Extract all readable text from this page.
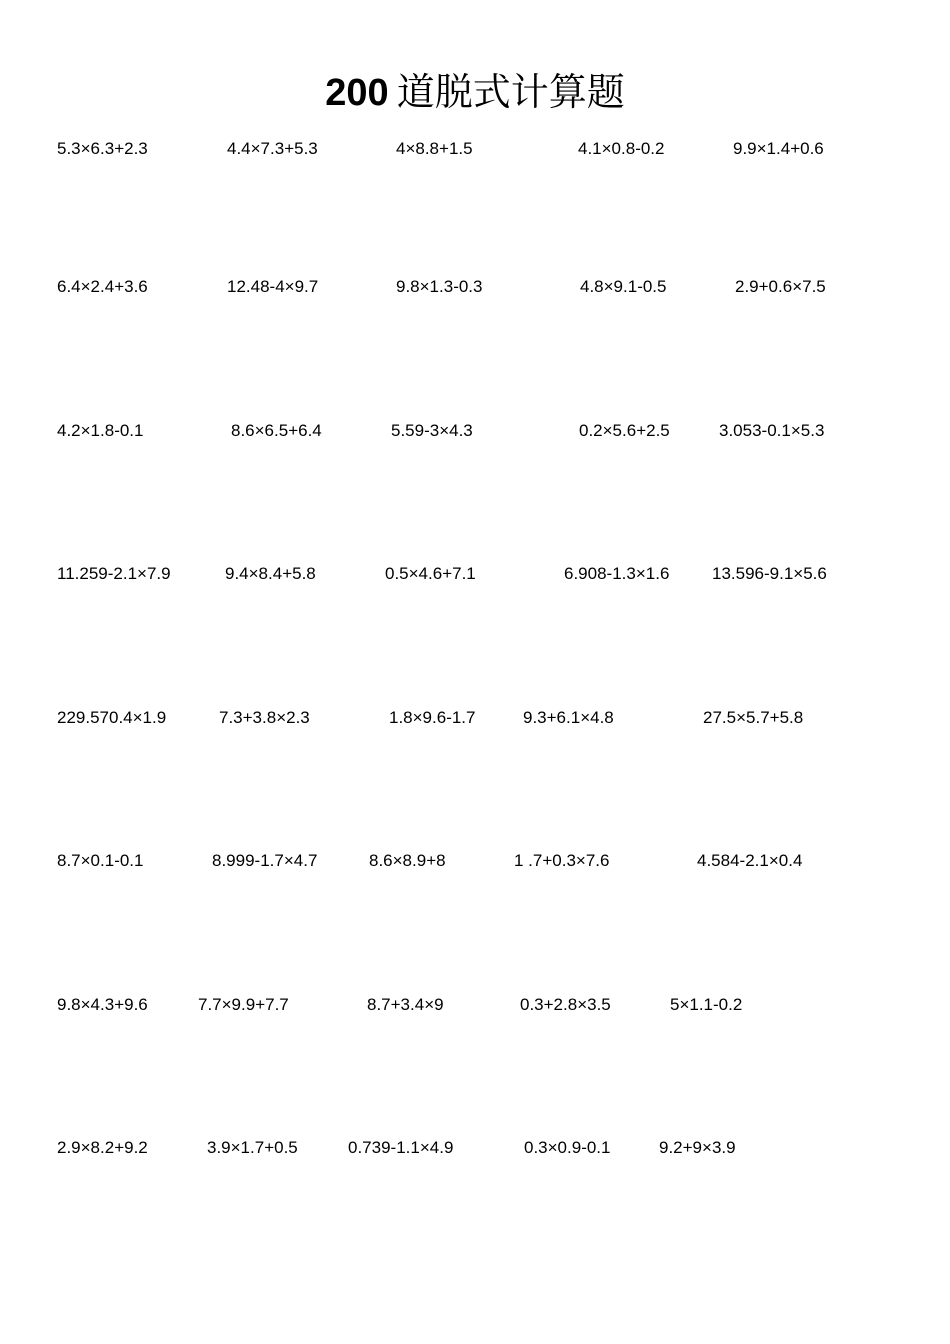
200 道脱式计算题
5.3×6.3+2.3	4.4×7.3+5.3	4×8.8+1.5	4.1×0.8-0.2	9.9×1.4+0.6
6.4×2.4+3.6	12.48-4×9.7	9.8×1.3-0.3	4.8×9.1-0.5	2.9+0.6×7.5
4.2×1.8-0.1	8.6×6.5+6.4	5.59-3×4.3	0.2×5.6+2.5	3.053-0.1×5.3
11.259-2.1×7.9	9.4×8.4+5.8	0.5×4.6+7.1	6.908-1.3×1.6	13.596-9.1×5.6
229.570.4×1.9	7.3+3.8×2.3	1.8×9.6-1.7	9.3+6.1×4.8	27.5×5.7+5.8
8.7×0.1-0.1	8.999-1.7×4.7	8.6×8.9+8	1 .7+0.3×7.6	4.584-2.1×0.4
9.8×4.3+9.6	7.7×9.9+7.7	8.7+3.4×9	0.3+2.8×3.5	5×1.1-0.2
2.9×8.2+9.2	3.9×1.7+0.5	0.739-1.1×4.9	0.3×0.9-0.1	9.2+9×3.9
